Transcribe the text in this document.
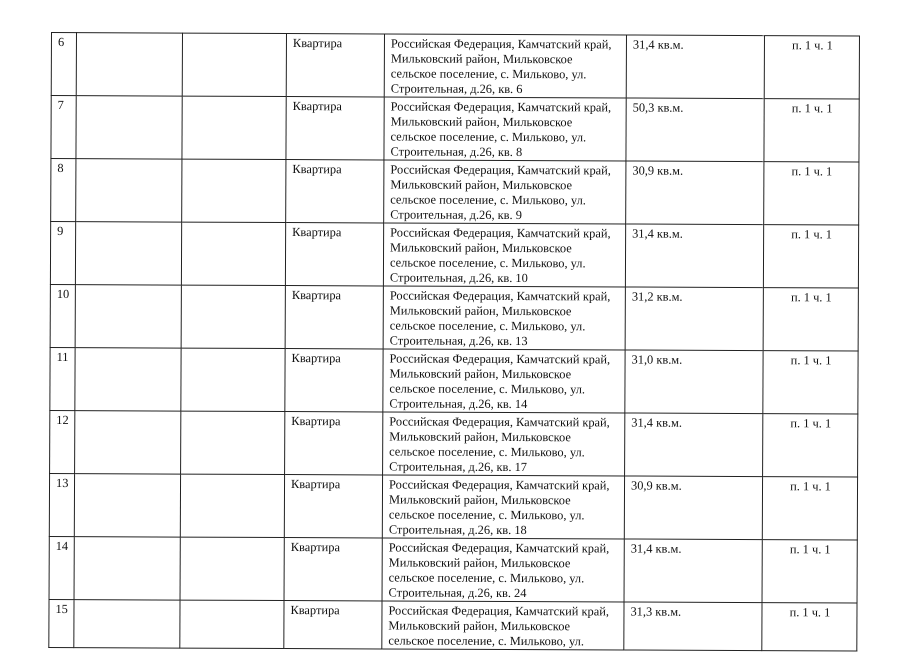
6			Квартира	Российская Федерация, Камчатский край,
Мильковский район, Мильковское
сельское поселение, с. Мильково, ул.
Строительная, д.26, кв. 6	31,4 кв.м.	п. 1 ч. 1
7			Квартира	Российская Федерация, Камчатский край,
Мильковский район, Мильковское
сельское поселение, с. Мильково, ул.
Строительная, д.26, кв. 8	50,3 кв.м.	п. 1 ч. 1
8			Квартира	Российская Федерация, Камчатский край,
Мильковский район, Мильковское
сельское поселение, с. Мильково, ул.
Строительная, д.26, кв. 9	30,9 кв.м.	п. 1 ч. 1
9			Квартира	Российская Федерация, Камчатский край,
Мильковский район, Мильковское
сельское поселение, с. Мильково, ул.
Строительная, д.26, кв. 10	31,4 кв.м.	п. 1 ч. 1
10			Квартира	Российская Федерация, Камчатский край,
Мильковский район, Мильковское
сельское поселение, с. Мильково, ул.
Строительная, д.26, кв. 13	31,2 кв.м.	п. 1 ч. 1
11			Квартира	Российская Федерация, Камчатский край,
Мильковский район, Мильковское
сельское поселение, с. Мильково, ул.
Строительная, д.26, кв. 14	31,0 кв.м.	п. 1 ч. 1
12			Квартира	Российская Федерация, Камчатский край,
Мильковский район, Мильковское
сельское поселение, с. Мильково, ул.
Строительная, д.26, кв. 17	31,4 кв.м.	п. 1 ч. 1
13			Квартира	Российская Федерация, Камчатский край,
Мильковский район, Мильковское
сельское поселение, с. Мильково, ул.
Строительная, д.26, кв. 18	30,9 кв.м.	п. 1 ч. 1
14			Квартира	Российская Федерация, Камчатский край,
Мильковский район, Мильковское
сельское поселение, с. Мильково, ул.
Строительная, д.26, кв. 24	31,4 кв.м.	п. 1 ч. 1
15			Квартира	Российская Федерация, Камчатский край,
Мильковский район, Мильковское
сельское поселение, с. Мильково, ул.	31,3 кв.м.	п. 1 ч. 1
